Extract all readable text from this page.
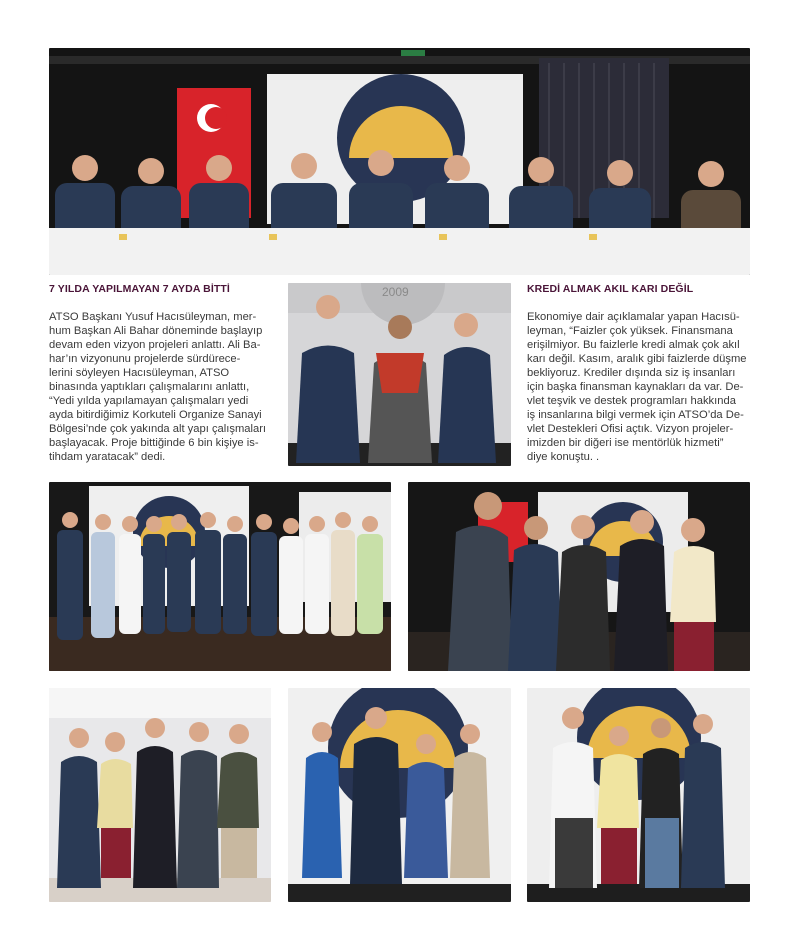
7 YILDA YAPILMAYAN 7 AYDA BİTTİ

ATSO Başkanı Yusuf Hacısüleyman, mer-

hum Başkan Ali Bahar döneminde başlayıp

devam eden vizyon projeleri anlattı. Ali Ba-

har’ın vizyonunu projelerde sürdürece-

lerini söyleyen Hacısüleyman, ATSO

binasında yaptıkları çalışmalarını anlattı,

“Yedi yılda yapılamayan çalışmaları yedi

ayda bitirdiğimiz Korkuteli Organize Sanayi

Bölgesi’nde çok yakında alt yapı çalışmaları

başlayacak. Proje bittiğinde 6 bin kişiye is-

tihdam yaratacak” dedi.

2009	KREDİ ALMAK AKIL KARI DEĞİL

Ekonomiye dair açıklamalar yapan Hacısü-

leyman, “Faizler çok yüksek. Finansmana

erişilmiyor. Bu faizlerle kredi almak çok akıl

karı değil. Kasım, aralık gibi faizlerde düşme

bekliyoruz. Krediler dışında siz iş insanları

için başka finansman kaynakları da var. De-

vlet teşvik ve destek programları hakkında

iş insanlarına bilgi vermek için ATSO’da De-

vlet Destekleri Ofisi açtık. Vizyon projeler-

imizden bir diğeri ise mentörlük hizmeti”

diye konuştu. .
